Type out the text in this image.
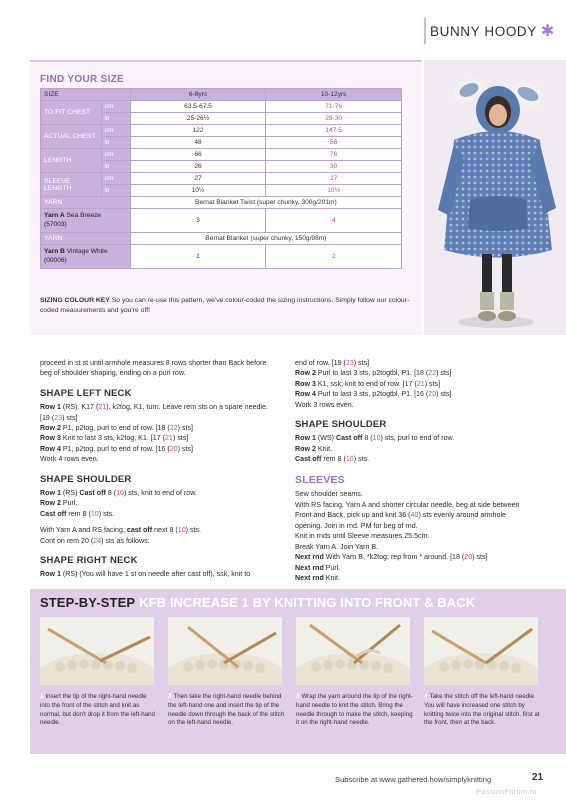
BUNNY HOODY ✱
FIND YOUR SIZE
SIZE		6-8yrs	10-12yrs
TO FIT CHEST	cm	63.5-67.5	71-76
	in	25-26½	28-30
ACTUAL CHEST	cm	122	147.5
	in	48	58
LENGTH	cm	66	76
	in	26	30
SLEEVE LENGTH	cm	27	27
	in	10½	10½
YARN		Bernat Blanket Twist (super chunky, 300g/201m)	
Yarn A Sea Breeze
(57003)		3	4
YARN		Bernat Blanket (super chunky, 150g/98m)	
Yarn B Vintage White
(00006)		1	2
SIZING COLOUR KEY So you can re-use this pattern, we've colour-coded the sizing instructions. Simply follow our colour-coded measurements and you're off!

proceed in st st until armhole measures 8 rows shorter than Back before beg of shoulder shaping, ending on a purl row.

SHAPE LEFT NECK

Row 1 (RS). K17 (21), k2tog, K1, turn. Leave rem sts on a spare needle. [19 (23) sts]

Row 2 P1, p2tog, purl to end of row. [18 (22) sts]

Row 3 Knit to last 3 sts, k2tog, K1. [17 (21) sts]

Row 4 P1, p2tog, purl to end of row. [16 (20) sts]

Work 4 rows even.

SHAPE SHOULDER

Row 1 (RS) Cast off 8 (10) sts, knit to end of row.

Row 2 Purl.

Cast off rem 8 (10) sts.

With Yarn A and RS facing, cast off next 8 (10) sts.

Cont on rem 20 (24) sts as follows:

SHAPE RIGHT NECK

Row 1 (RS) (You will have 1 st on needle after cast off), ssk, knit to

end of row. [19 (23) sts]

Row 2 Purl to last 3 sts, p2togtbl, P1. [18 (22) sts]

Row 3 K1, ssk, knit to end of row. [17 (21) sts]

Row 4 Purl to last 3 sts, p2togtbl, P1. [16 (20) sts]

Work 3 rows even.

SHAPE SHOULDER

Row 1 (WS) Cast off 8 (10) sts, purl to end of row.

Row 2 Knit.

Cast off rem 8 (10) sts.

SLEEVES

Sew shoulder seams.

With RS facing, Yarn A and shorter circular needle, beg at side between Front and Back, pick up and knit 36 (40) sts evenly around armhole opening. Join in rnd. PM for beg of rnd.

Knit in rnds until Sleeve measures 25.5cm.

Break Yarn A. Join Yarn B.

Next rnd With Yarn B, *k2tog; rep from * around. [18 (20) sts]

Next rnd Purl.

Next rnd Knit.

STEP-BY-STEP KFB INCREASE 1 BY KNITTING INTO FRONT & BACK
1 Insert the tip of the right-hand needle into the front of the stitch and knit as normal, but don't drop it from the left-hand needle.
2 Then take the right-hand needle behind the left-hand one and insert the tip of the needle down through the back of the stitch on the left-hand needle.
3 Wrap the yarn around the tip of the right-hand needle to knit the stitch. Bring the needle through to make the stitch, keeping it on the right-hand needle.
4 Take the stitch off the left-hand needle. You will have increased one stitch by knitting twice into the original stitch, first at the front, then at the back.
Subscribe at www.gathered.how/simplyknitting	21
PassionForum.ru
